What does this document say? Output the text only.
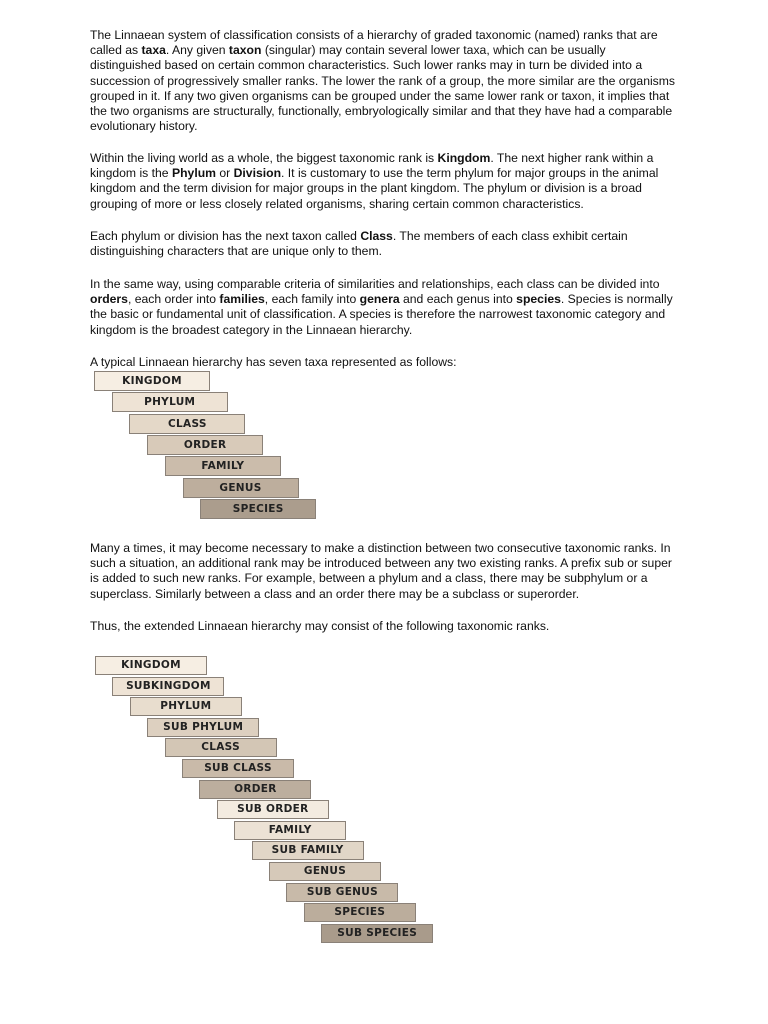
The Linnaean system of classification consists of a hierarchy of graded taxonomic (named) ranks that are called as taxa. Any given taxon (singular) may contain several lower taxa, which can be usually distinguished based on certain common characteristics. Such lower ranks may in turn be divided into a succession of progressively smaller ranks. The lower the rank of a group, the more similar are the organisms grouped in it. If any two given organisms can be grouped under the same lower rank or taxon, it implies that the two organisms are structurally, functionally, embryologically similar and that they have had a comparable evolutionary history.

Within the living world as a whole, the biggest taxonomic rank is Kingdom. The next higher rank within a kingdom is the Phylum or Division. It is customary to use the term phylum for major groups in the animal kingdom and the term division for major groups in the plant kingdom. The phylum or division is a broad grouping of more or less closely related organisms, sharing certain common characteristics.

Each phylum or division has the next taxon called Class. The members of each class exhibit certain distinguishing characters that are unique only to them.

In the same way, using comparable criteria of similarities and relationships, each class can be divided into orders, each order into families, each family into genera and each genus into species. Species is normally the basic or fundamental unit of classification. A species is therefore the narrowest taxonomic category and kingdom is the broadest category in the Linnaean hierarchy.

A typical Linnaean hierarchy has seven taxa represented as follows:

KINGDOM
PHYLUM
CLASS
ORDER
FAMILY
GENUS
SPECIES

Many a times, it may become necessary to make a distinction between two consecutive taxonomic ranks. In such a situation, an additional rank may be introduced between any two existing ranks. A prefix sub or super is added to such new ranks. For example, between a phylum and a class, there may be subphylum or a superclass. Similarly between a class and an order there may be a subclass or superorder.

Thus, the extended Linnaean hierarchy may consist of the following taxonomic ranks.

KINGDOM
SUBKINGDOM
PHYLUM
SUB PHYLUM
CLASS
SUB CLASS
ORDER
SUB ORDER
FAMILY
SUB FAMILY
GENUS
SUB GENUS
SPECIES
SUB SPECIES
